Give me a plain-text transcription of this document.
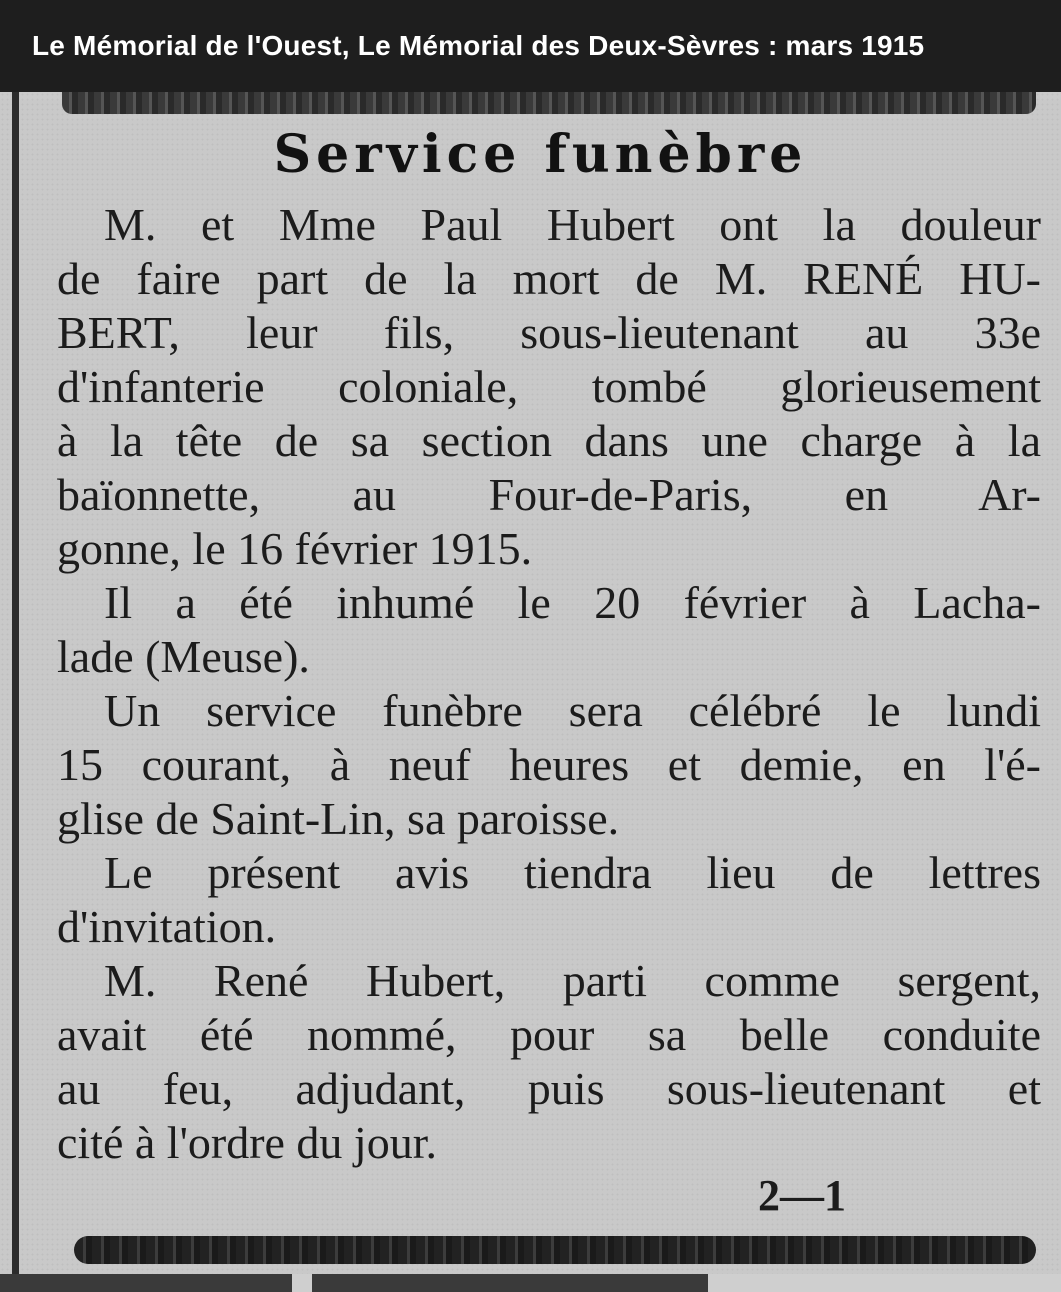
Le Mémorial de l'Ouest, Le Mémorial des Deux-Sèvres : mars 1915
Service funèbre
M. et Mme Paul Hubert ont la douleur
de faire part de la mort de M. RENÉ HU-
BERT, leur fils, sous-lieutenant au 33e
d'infanterie coloniale, tombé glorieusement
à la tête de sa section dans une charge à la
baïonnette, au Four-de-Paris, en Ar-
gonne, le 16 février 1915.
Il a été inhumé le 20 février à Lacha-
lade (Meuse).
Un service funèbre sera célébré le lundi
15 courant, à neuf heures et demie, en l'é-
glise de Saint-Lin, sa paroisse.
Le présent avis tiendra lieu de lettres
d'invitation.
M. René Hubert, parti comme sergent,
avait été nommé, pour sa belle conduite
au feu, adjudant, puis sous-lieutenant et
cité à l'ordre du jour.
2—1
